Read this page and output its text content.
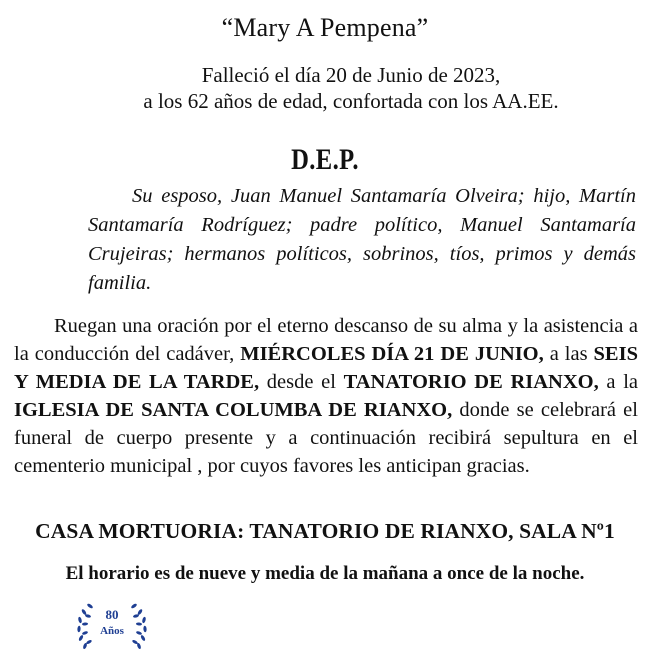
“Mary A Pempena”
Falleció el día 20 de Junio de 2023,
a los 62 años de edad, confortada con los AA.EE.
D.E.P.
Su esposo, Juan Manuel Santamaría Olveira; hijo, Martín Santamaría Rodríguez; padre político, Manuel Santamaría Crujeiras; hermanos políticos, sobrinos, tíos, primos y demás familia.
Ruegan una oración por el eterno descanso de su alma y la asistencia a la conducción del cadáver, MIÉRCOLES DÍA 21 DE JUNIO, a las SEIS Y MEDIA DE LA TARDE, desde el TANATORIO DE RIANXO, a la IGLESIA DE SANTA COLUMBA DE RIANXO, donde se celebrará el funeral de cuerpo presente y a continuación recibirá sepultura en el cementerio municipal , por cuyos favores les anticipan gracias.
CASA MORTUORIA: TANATORIO DE RIANXO, SALA Nº1
El horario es de nueve y media de la mañana a once de la noche.
80
Años
